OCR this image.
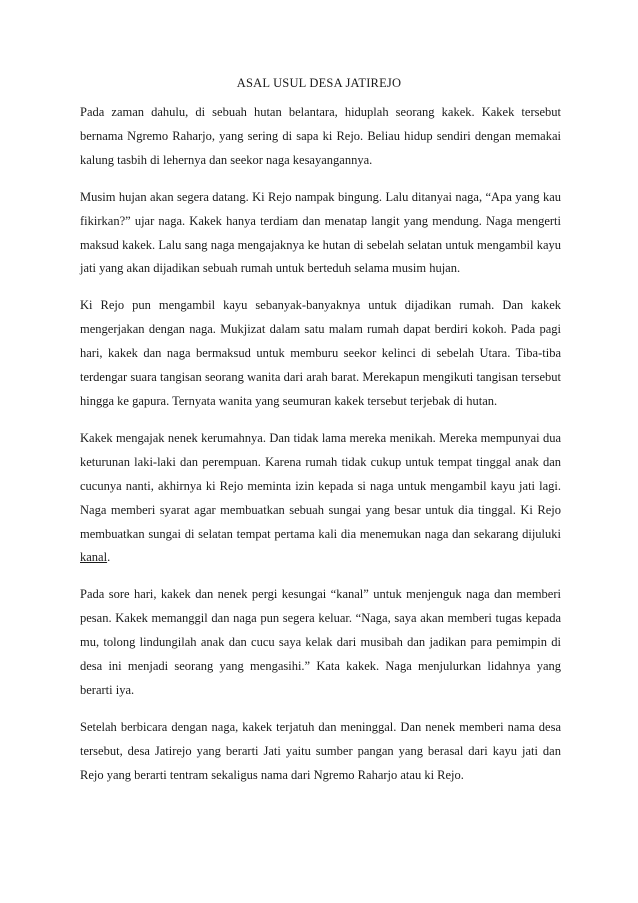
ASAL USUL DESA JATIREJO

Pada zaman dahulu, di sebuah hutan belantara, hiduplah seorang kakek. Kakek tersebut bernama Ngremo Raharjo, yang sering di sapa ki Rejo. Beliau hidup sendiri dengan memakai kalung tasbih di lehernya dan seekor naga kesayangannya.

Musim hujan akan segera datang. Ki Rejo nampak bingung. Lalu ditanyai naga, “Apa yang kau fikirkan?” ujar naga. Kakek hanya terdiam dan menatap langit yang mendung. Naga mengerti maksud kakek. Lalu sang naga mengajaknya ke hutan di sebelah selatan untuk mengambil kayu jati yang akan dijadikan sebuah rumah untuk berteduh selama musim hujan.

Ki Rejo pun mengambil kayu sebanyak-banyaknya untuk dijadikan rumah. Dan kakek mengerjakan dengan naga. Mukjizat dalam satu malam rumah dapat berdiri kokoh. Pada pagi hari, kakek dan naga bermaksud untuk memburu seekor kelinci di sebelah Utara. Tiba-tiba terdengar suara tangisan seorang wanita dari arah barat. Merekapun mengikuti tangisan tersebut hingga ke gapura. Ternyata wanita yang seumuran kakek tersebut terjebak di hutan.

Kakek mengajak nenek kerumahnya. Dan tidak lama mereka menikah. Mereka mempunyai dua keturunan laki-laki dan perempuan. Karena rumah tidak cukup untuk tempat tinggal anak dan cucunya nanti, akhirnya ki Rejo meminta izin kepada si naga untuk mengambil kayu jati lagi. Naga memberi syarat agar membuatkan sebuah sungai yang besar untuk dia tinggal. Ki Rejo membuatkan sungai di selatan tempat pertama kali dia menemukan naga dan sekarang dijuluki kanal.

Pada sore hari, kakek dan nenek pergi kesungai “kanal” untuk menjenguk naga dan memberi pesan. Kakek memanggil dan naga pun segera keluar. “Naga, saya akan memberi tugas kepada mu, tolong lindungilah anak dan cucu saya kelak dari musibah dan jadikan para pemimpin di desa ini menjadi seorang yang mengasihi.” Kata kakek. Naga menjulurkan lidahnya yang berarti iya.

Setelah berbicara dengan naga, kakek terjatuh dan meninggal. Dan nenek memberi nama desa tersebut, desa Jatirejo yang berarti Jati yaitu sumber pangan yang berasal dari kayu jati dan Rejo yang berarti tentram sekaligus nama dari Ngremo Raharjo atau ki Rejo.
